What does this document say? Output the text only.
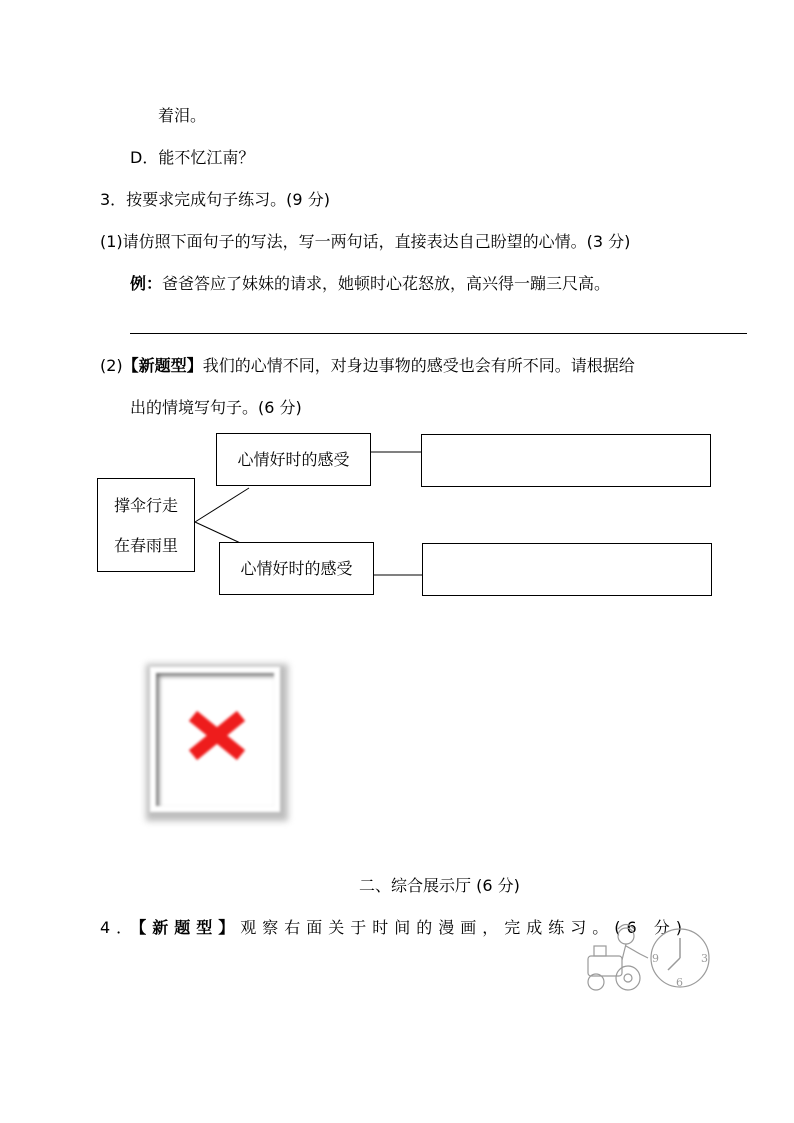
着泪。
D．能不忆江南？
3．按要求完成句子练习。(9 分)
(1)请仿照下面句子的写法，写一两句话，直接表达自己盼望的心情。(3 分)
例：爸爸答应了妹妹的请求，她顿时心花怒放，高兴得一蹦三尺高。
(2)【新题型】我们的心情不同，对身边事物的感受也会有所不同。请根据给
出的情境写句子。(6 分)
撑伞行走
在春雨里
心情好时的感受
心情好时的感受
二、综合展示厅 (6 分)
4．【新题型】观察右面关于时间的漫画，完成练习。(6 分)
9	3
6
